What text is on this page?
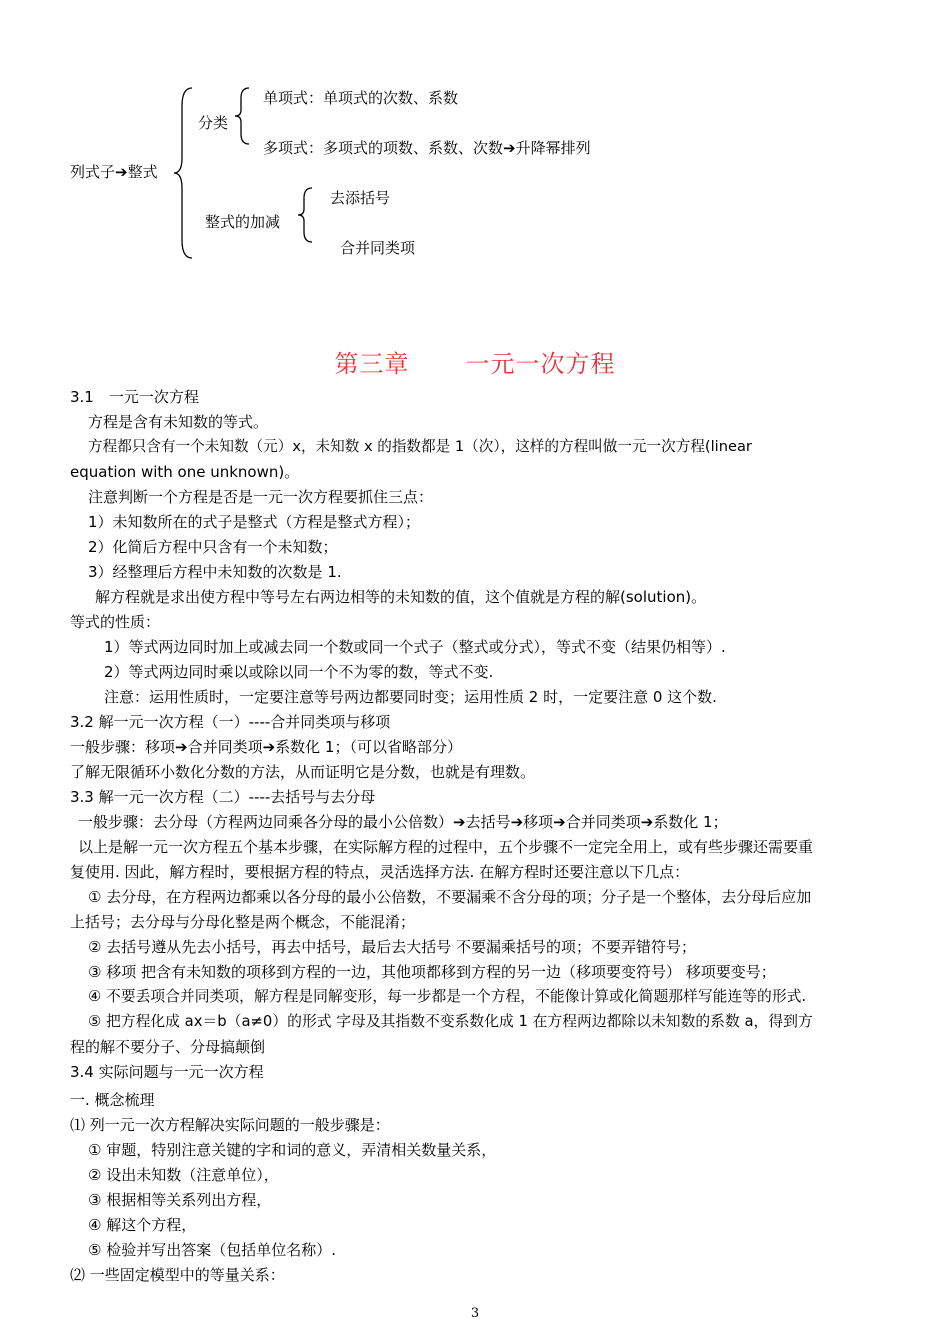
列式子➔整式
分类
单项式：单项式的次数、系数
多项式：多项式的项数、系数、次数➔升降幂排列
整式的加减
去添括号
合并同类项
第三章 一元一次方程
3.1　一元一次方程
方程是含有未知数的等式。
方程都只含有一个未知数（元）x，未知数 x 的指数都是 1（次），这样的方程叫做一元一次方程(linear
equation with one unknown)。
注意判断一个方程是否是一元一次方程要抓住三点：
1）未知数所在的式子是整式（方程是整式方程）；
2）化简后方程中只含有一个未知数；
3）经整理后方程中未知数的次数是 1.
解方程就是求出使方程中等号左右两边相等的未知数的值，这个值就是方程的解(solution)。
等式的性质：
1）等式两边同时加上或减去同一个数或同一个式子（整式或分式），等式不变（结果仍相等）.
2）等式两边同时乘以或除以同一个不为零的数，等式不变.
注意：运用性质时，一定要注意等号两边都要同时变；运用性质 2 时，一定要注意 0 这个数.
3.2 解一元一次方程（一）----合并同类项与移项
一般步骤：移项➔合并同类项➔系数化 1；（可以省略部分）
了解无限循环小数化分数的方法，从而证明它是分数，也就是有理数。
3.3 解一元一次方程（二）----去括号与去分母
一般步骤：去分母（方程两边同乘各分母的最小公倍数）➔去括号➔移项➔合并同类项➔系数化 1；
以上是解一元一次方程五个基本步骤，在实际解方程的过程中，五个步骤不一定完全用上，或有些步骤还需要重
复使用. 因此，解方程时，要根据方程的特点，灵活选择方法. 在解方程时还要注意以下几点：
① 去分母，在方程两边都乘以各分母的最小公倍数，不要漏乘不含分母的项；分子是一个整体，去分母后应加
上括号；去分母与分母化整是两个概念，不能混淆；
② 去括号遵从先去小括号，再去中括号，最后去大括号 不要漏乘括号的项；不要弄错符号；
③ 移项 把含有未知数的项移到方程的一边，其他项都移到方程的另一边（移项要变符号） 移项要变号；
④ 不要丢项合并同类项，解方程是同解变形，每一步都是一个方程，不能像计算或化简题那样写能连等的形式.
⑤ 把方程化成 ax＝b（a≠0）的形式 字母及其指数不变系数化成 1 在方程两边都除以未知数的系数 a，得到方
程的解不要分子、分母搞颠倒
3.4 实际问题与一元一次方程
一. 概念梳理
⑴ 列一元一次方程解决实际问题的一般步骤是：
① 审题，特别注意关键的字和词的意义，弄清相关数量关系，
② 设出未知数（注意单位），
③ 根据相等关系列出方程，
④ 解这个方程，
⑤ 检验并写出答案（包括单位名称）.
⑵ 一些固定模型中的等量关系：
3
